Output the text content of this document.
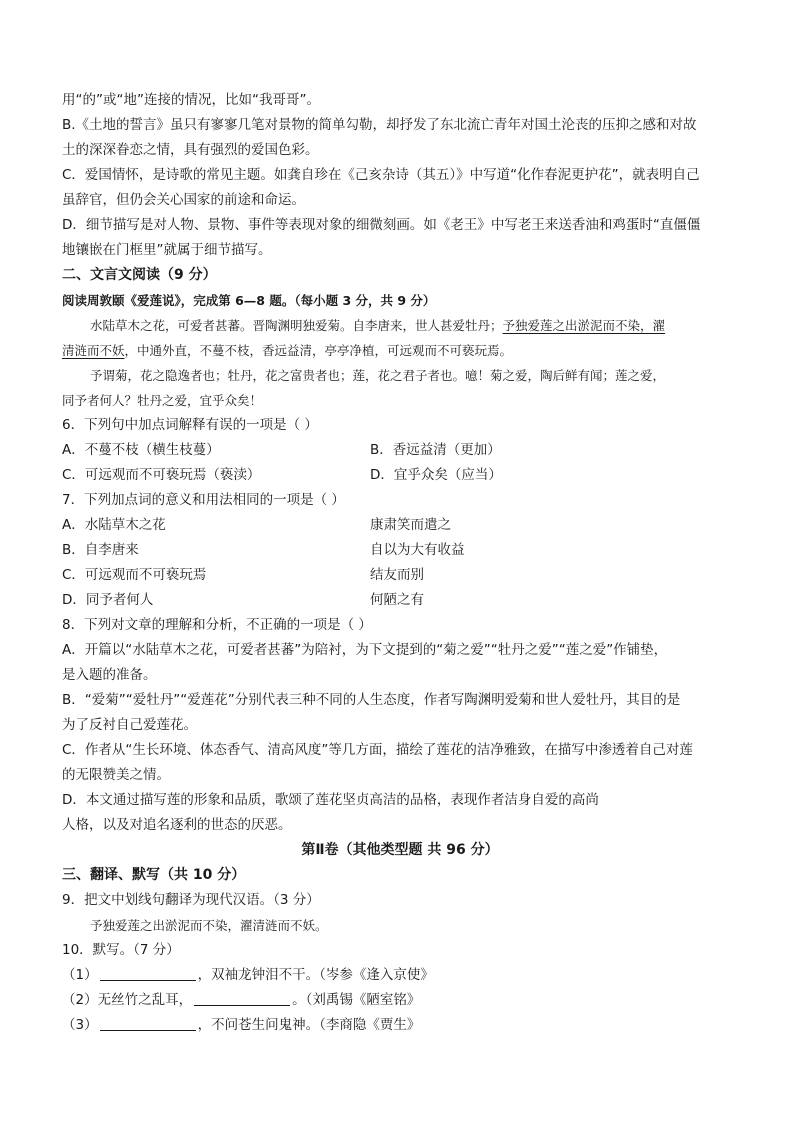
用“的”或“地”连接的情况，比如“我哥哥”。
B.《土地的誓言》虽只有寥寥几笔对景物的简单勾勒，却抒发了东北流亡青年对国土沦丧的压抑之感和对故
土的深深眷恋之情，具有强烈的爱国色彩。
C．爱国情怀，是诗歌的常见主题。如龚自珍在《己亥杂诗（其五）》中写道“化作春泥更护花”，就表明自己
虽辞官，但仍会关心国家的前途和命运。
D．细节描写是对人物、景物、事件等表现对象的细微刻画。如《老王》中写老王来送香油和鸡蛋时“直僵僵
地镶嵌在门框里”就属于细节描写。
二、文言文阅读（9 分）
阅读周敦颐《爱莲说》，完成第 6—8 题。（每小题 3 分，共 9 分）
水陆草木之花，可爱者甚蕃。晋陶渊明独爱菊。自李唐来，世人甚爱牡丹；予独爱莲之出淤泥而不染，濯
清涟而不妖，中通外直，不蔓不枝，香远益清，亭亭净植，可远观而不可亵玩焉。
予谓菊，花之隐逸者也；牡丹，花之富贵者也；莲，花之君子者也。噫！菊之爱，陶后鲜有闻；莲之爱，
同予者何人？牡丹之爱，宜乎众矣！
6．下列句中加点词解释有误的一项是（ ）
A．不蔓不枝（横生枝蔓）	B．香远益清（更加）
C．可远观而不可亵玩焉（亵渎）	D．宜乎众矣（应当）
7．下列加点词的意义和用法相同的一项是（ ）
A．水陆草木之花	康肃笑而遣之
B．自李唐来	自以为大有收益
C．可远观而不可亵玩焉	结友而别
D．同予者何人	何陋之有
8．下列对文章的理解和分析，不正确的一项是（ ）
A．开篇以“水陆草木之花，可爱者甚蕃”为陪衬，为下文提到的“菊之爱”“牡丹之爱”“莲之爱”作铺垫，
是入题的准备。
B．“爱菊”“爱牡丹”“爱莲花”分别代表三种不同的人生态度，作者写陶渊明爱菊和世人爱牡丹，其目的是
为了反衬自己爱莲花。
C．作者从“生长环境、体态香气、清高风度”等几方面，描绘了莲花的洁净雅致，在描写中渗透着自己对莲
的无限赞美之情。
D．本文通过描写莲的形象和品质，歌颂了莲花坚贞高洁的品格，表现作者洁身自爱的高尚
人格，以及对追名逐利的世态的厌恶。
第Ⅱ卷（其他类型题 共 96 分）
三、翻译、默写（共 10 分）
9．把文中划线句翻译为现代汉语。（3 分）
予独爱莲之出淤泥而不染，濯清涟而不妖。
10．默写。（7 分）
（1）	，双袖龙钟泪不干。（岑参《逢入京使》
（2）无丝竹之乱耳，	。（刘禹锡《陋室铭》
（3）	，不问苍生问鬼神。（李商隐《贾生》
